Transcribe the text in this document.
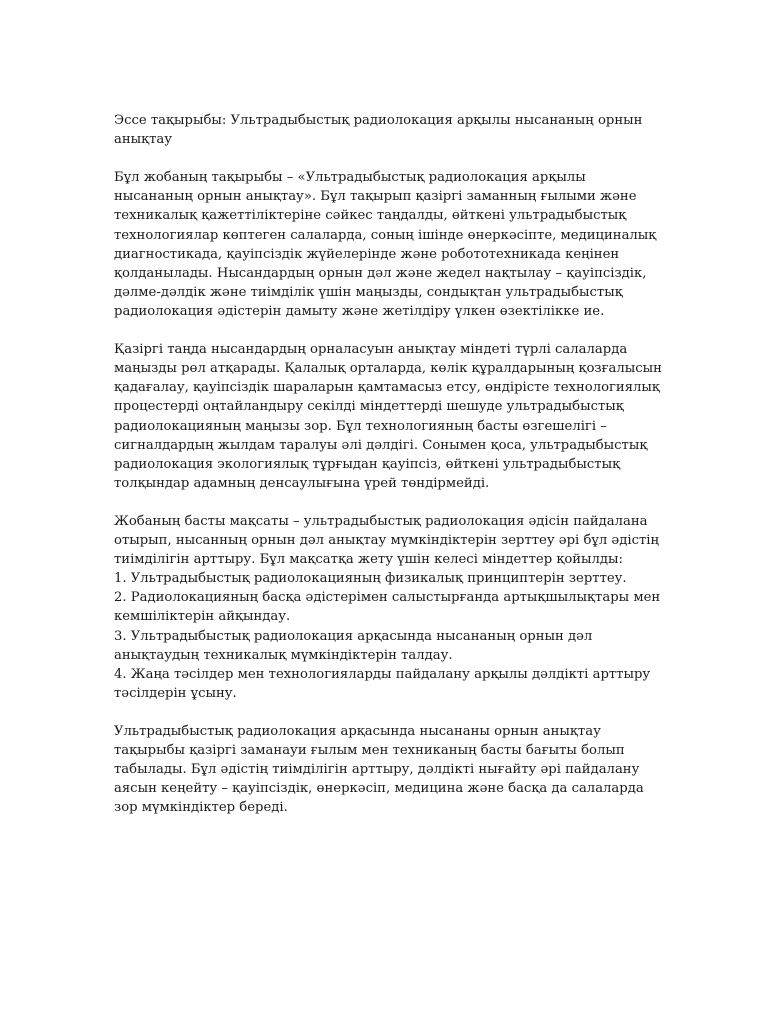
Эссе тақырыбы: Ультрадыбыстық радиолокация арқылы нысананың орнын анықтау

Бұл жобаның тақырыбы – «Ультрадыбыстық радиолокация арқылы нысананың орнын анықтау». Бұл тақырып қазіргі заманның ғылыми және техникалық қажеттіліктеріне сәйкес таңдалды, өйткені ультрадыбыстық технологиялар көптеген салаларда, соның ішінде өнеркәсіпте, медициналық диагностикада, қауіпсіздік жүйелерінде және робототехникада кеңінен қолданылады. Нысандардың орнын дәл және жедел нақтылау – қауіпсіздік, дәлме-дәлдік және тиімділік үшін маңызды, сондықтан ультрадыбыстық радиолокация әдістерін дамыту және жетілдіру үлкен өзектілікке ие.

Қазіргі таңда нысандардың орналасуын анықтау міндеті түрлі салаларда маңызды рөл атқарады. Қалалық орталарда, көлік құралдарының қозғалысын қадағалау, қауіпсіздік шараларын қамтамасыз етсу, өндірісте технологиялық процестерді оңтайландыру секілді міндеттерді шешуде ультрадыбыстық радиолокацияның маңызы зор. Бұл технологияның басты өзгешелігі – сигналдардың жылдам таралуы әлі дәлдігі. Сонымен қоса, ультрадыбыстық радиолокация экологиялық тұрғыдан қауіпсіз, өйткені ультрадыбыстық толқындар адамның денсаулығына үрей төндірмейді.

Жобаның басты мақсаты – ультрадыбыстық радиолокация әдісін пайдалана отырып, нысанның орнын дәл анықтау мүмкіндіктерін зерттеу әрі бұл әдістің тиімділігін арттыру. Бұл мақсатқа жету үшін келесі міндеттер қойылды:

1. Ультрадыбыстық радиолокацияның физикалық принциптерін зерттеу.
2. Радиолокацияның басқа әдістерімен салыстырғанда артықшылықтары мен кемшіліктерін айқындау.
3. Ультрадыбыстық радиолокация арқасында нысананың орнын дәл анықтаудың техникалық мүмкіндіктерін талдау.
4. Жаңа тәсілдер мен технологияларды пайдалану арқылы дәлдікті арттыру тәсілдерін ұсыну.

Ультрадыбыстық радиолокация арқасында нысананы орнын анықтау тақырыбы қазіргі заманауи ғылым мен техниканың басты бағыты болып табылады. Бұл әдістің тиімділігін арттыру, дәлдікті нығайту әрі пайдалану аясын кеңейту – қауіпсіздік, өнеркәсіп, медицина және басқа да салаларда зор мүмкіндіктер береді.
